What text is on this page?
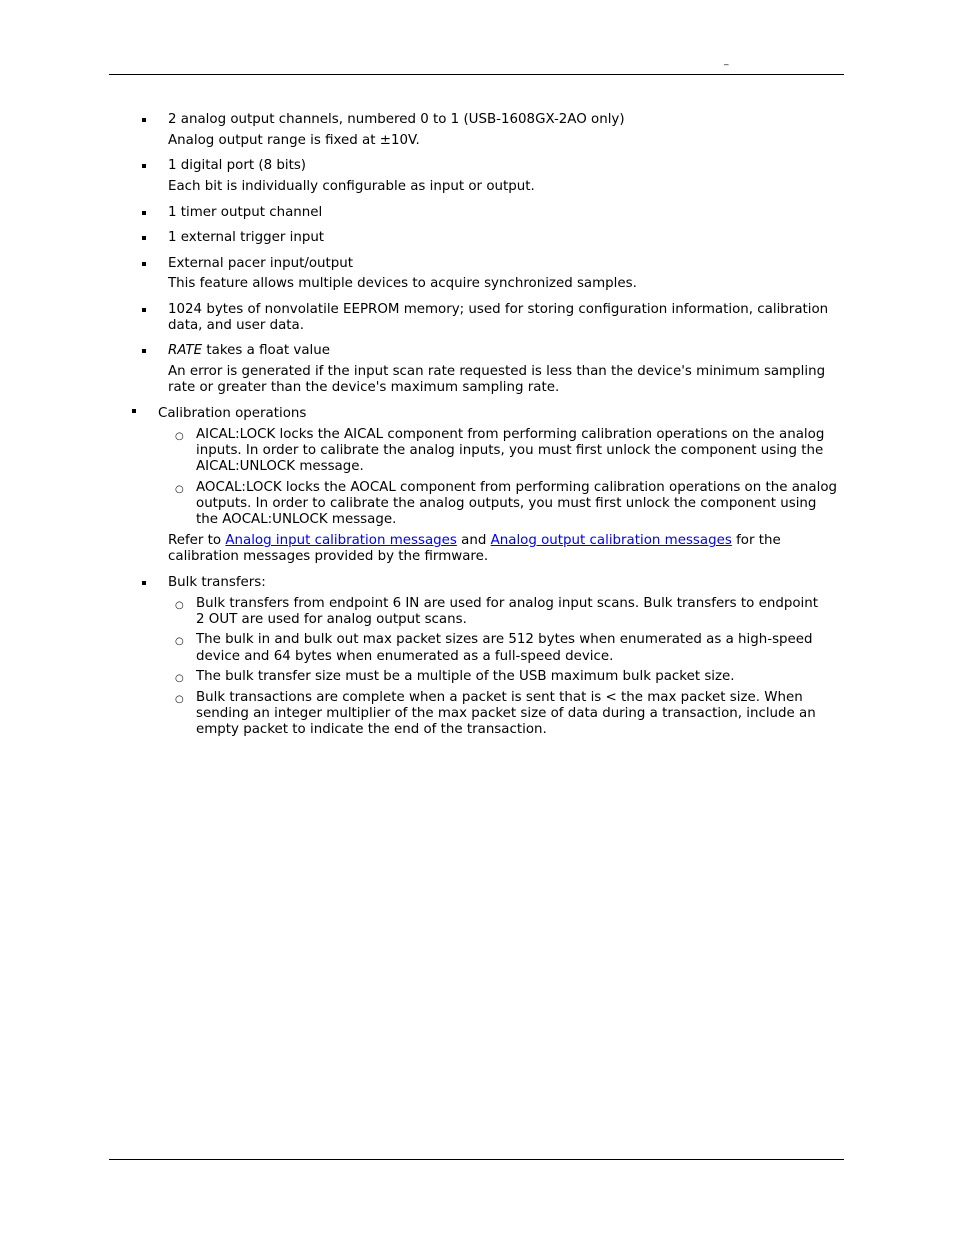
_
2 analog output channels, numbered 0 to 1 (USB-1608GX-2AO only)
Analog output range is fixed at ±10V.
1 digital port (8 bits)
Each bit is individually configurable as input or output.
1 timer output channel
1 external trigger input
External pacer input/output
This feature allows multiple devices to acquire synchronized samples.
1024 bytes of nonvolatile EEPROM memory; used for storing configuration information, calibration
data, and user data.
RATE takes a float value
An error is generated if the input scan rate requested is less than the device's minimum sampling
rate or greater than the device's maximum sampling rate.
Calibration operations
○ AICAL:LOCK locks the AICAL component from performing calibration operations on the analog
inputs. In order to calibrate the analog inputs, you must first unlock the component using the
AICAL:UNLOCK message.
○ AOCAL:LOCK locks the AOCAL component from performing calibration operations on the analog
outputs. In order to calibrate the analog outputs, you must first unlock the component using
the AOCAL:UNLOCK message.
Refer to Analog input calibration messages and Analog output calibration messages for the
calibration messages provided by the firmware.
Bulk transfers:
○ Bulk transfers from endpoint 6 IN are used for analog input scans. Bulk transfers to endpoint
2 OUT are used for analog output scans.
○ The bulk in and bulk out max packet sizes are 512 bytes when enumerated as a high-speed
device and 64 bytes when enumerated as a full-speed device.
○ The bulk transfer size must be a multiple of the USB maximum bulk packet size.
○ Bulk transactions are complete when a packet is sent that is < the max packet size. When
sending an integer multiplier of the max packet size of data during a transaction, include an
empty packet to indicate the end of the transaction.
